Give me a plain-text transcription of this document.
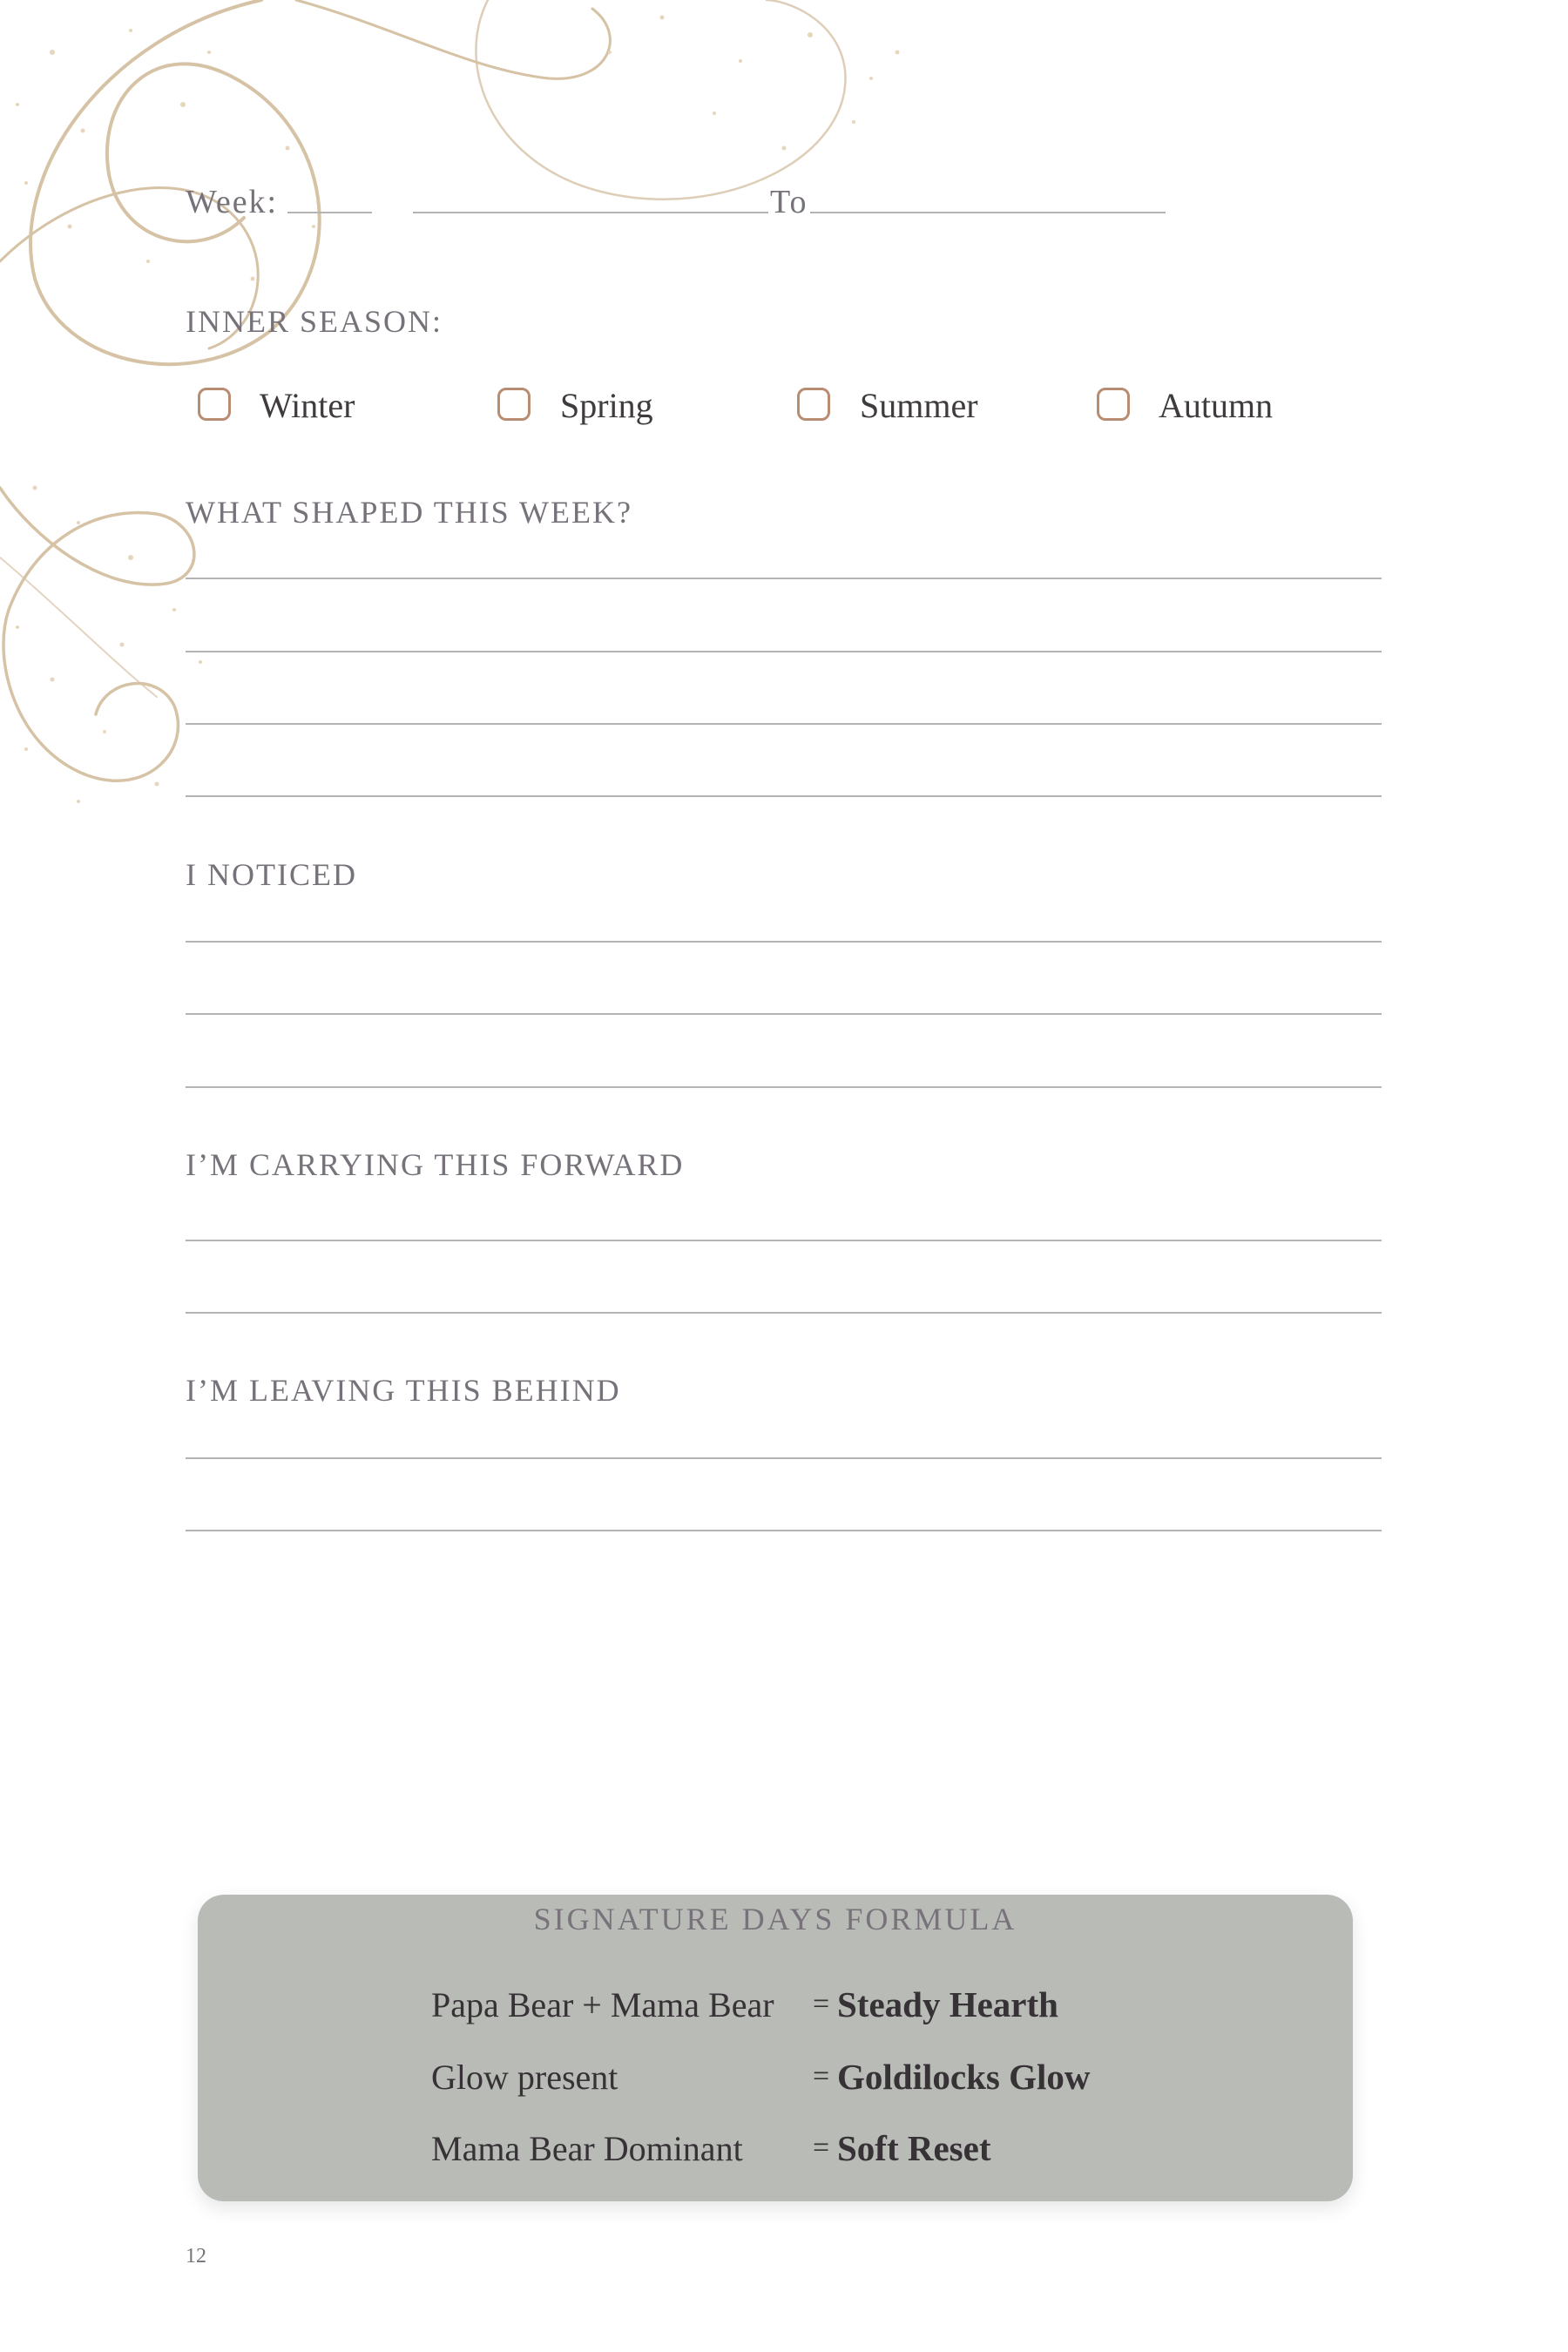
Week:	To
INNER SEASON:
Winter	Spring	Summer	Autumn
WHAT SHAPED THIS WEEK?
I NOTICED
I’M CARRYING THIS FORWARD
I’M LEAVING THIS BEHIND
SIGNATURE DAYS FORMULA
Papa Bear + Mama Bear = Steady Hearth
Glow present	= Goldilocks Glow
Mama Bear Dominant = Soft Reset
12
